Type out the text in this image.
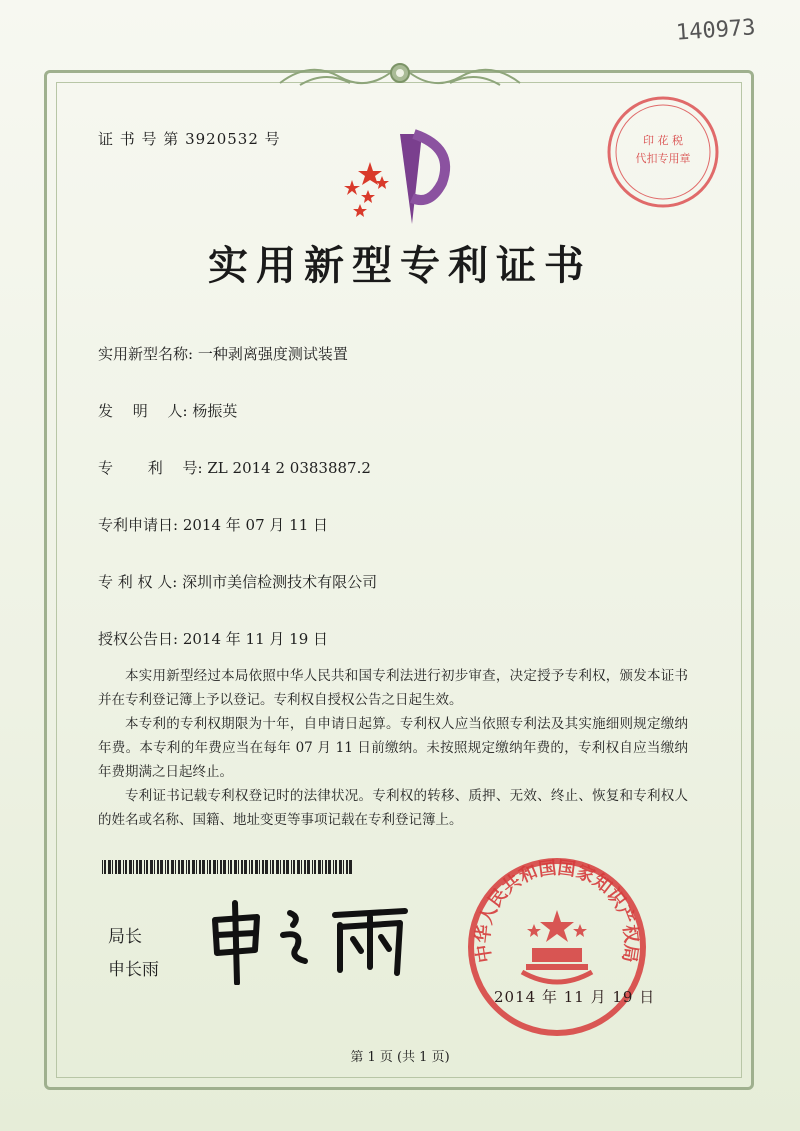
140973
印 花 税
代扣专用章
证 书 号 第 3920532 号
实用新型专利证书
实用新型名称: 一种剥离强度测试装置
发　 明　 人: 杨振英
专　　 利　 号: ZL 2014 2 0383887.2
专利申请日: 2014 年 07 月 11 日
专 利 权 人: 深圳市美信检测技术有限公司
授权公告日: 2014 年 11 月 19 日

本实用新型经过本局依照中华人民共和国专利法进行初步审查，决定授予专利权，颁发本证书并在专利登记簿上予以登记。专利权自授权公告之日起生效。

本专利的专利权期限为十年，自申请日起算。专利权人应当依照专利法及其实施细则规定缴纳年费。本专利的年费应当在每年 07 月 11 日前缴纳。未按照规定缴纳年费的，专利权自应当缴纳年费期满之日起终止。

专利证书记载专利权登记时的法律状况。专利权的转移、质押、无效、终止、恢复和专利权人的姓名或名称、国籍、地址变更等事项记载在专利登记簿上。

局长
申长雨
中华人民共和国国家知识产权局
2014 年 11 月 19 日
第 1 页 (共 1 页)
